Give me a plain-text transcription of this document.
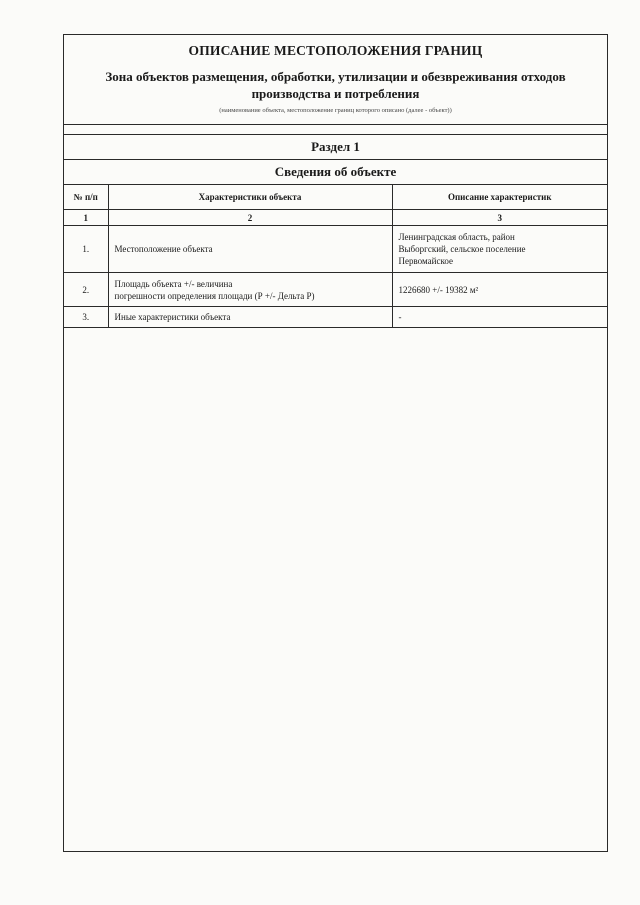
ОПИСАНИЕ МЕСТОПОЛОЖЕНИЯ ГРАНИЦ
Зона объектов размещения, обработки, утилизации и обезвреживания отходов
производства и потребления
(наименование объекта, местоположение границ которого описано (далее - объект))
Раздел 1
Сведения об объекте
№ п/п	Характеристики объекта	Описание характеристик
1	2	3
1.	Местоположение объекта	Ленинградская область, район
Выборгский, сельское поселение
Первомайское
2.	Площадь объекта +/- величина
погрешности определения площади (Р +/- Дельта Р)	1226680 +/- 19382 м²
3.	Иные характеристики объекта	-
